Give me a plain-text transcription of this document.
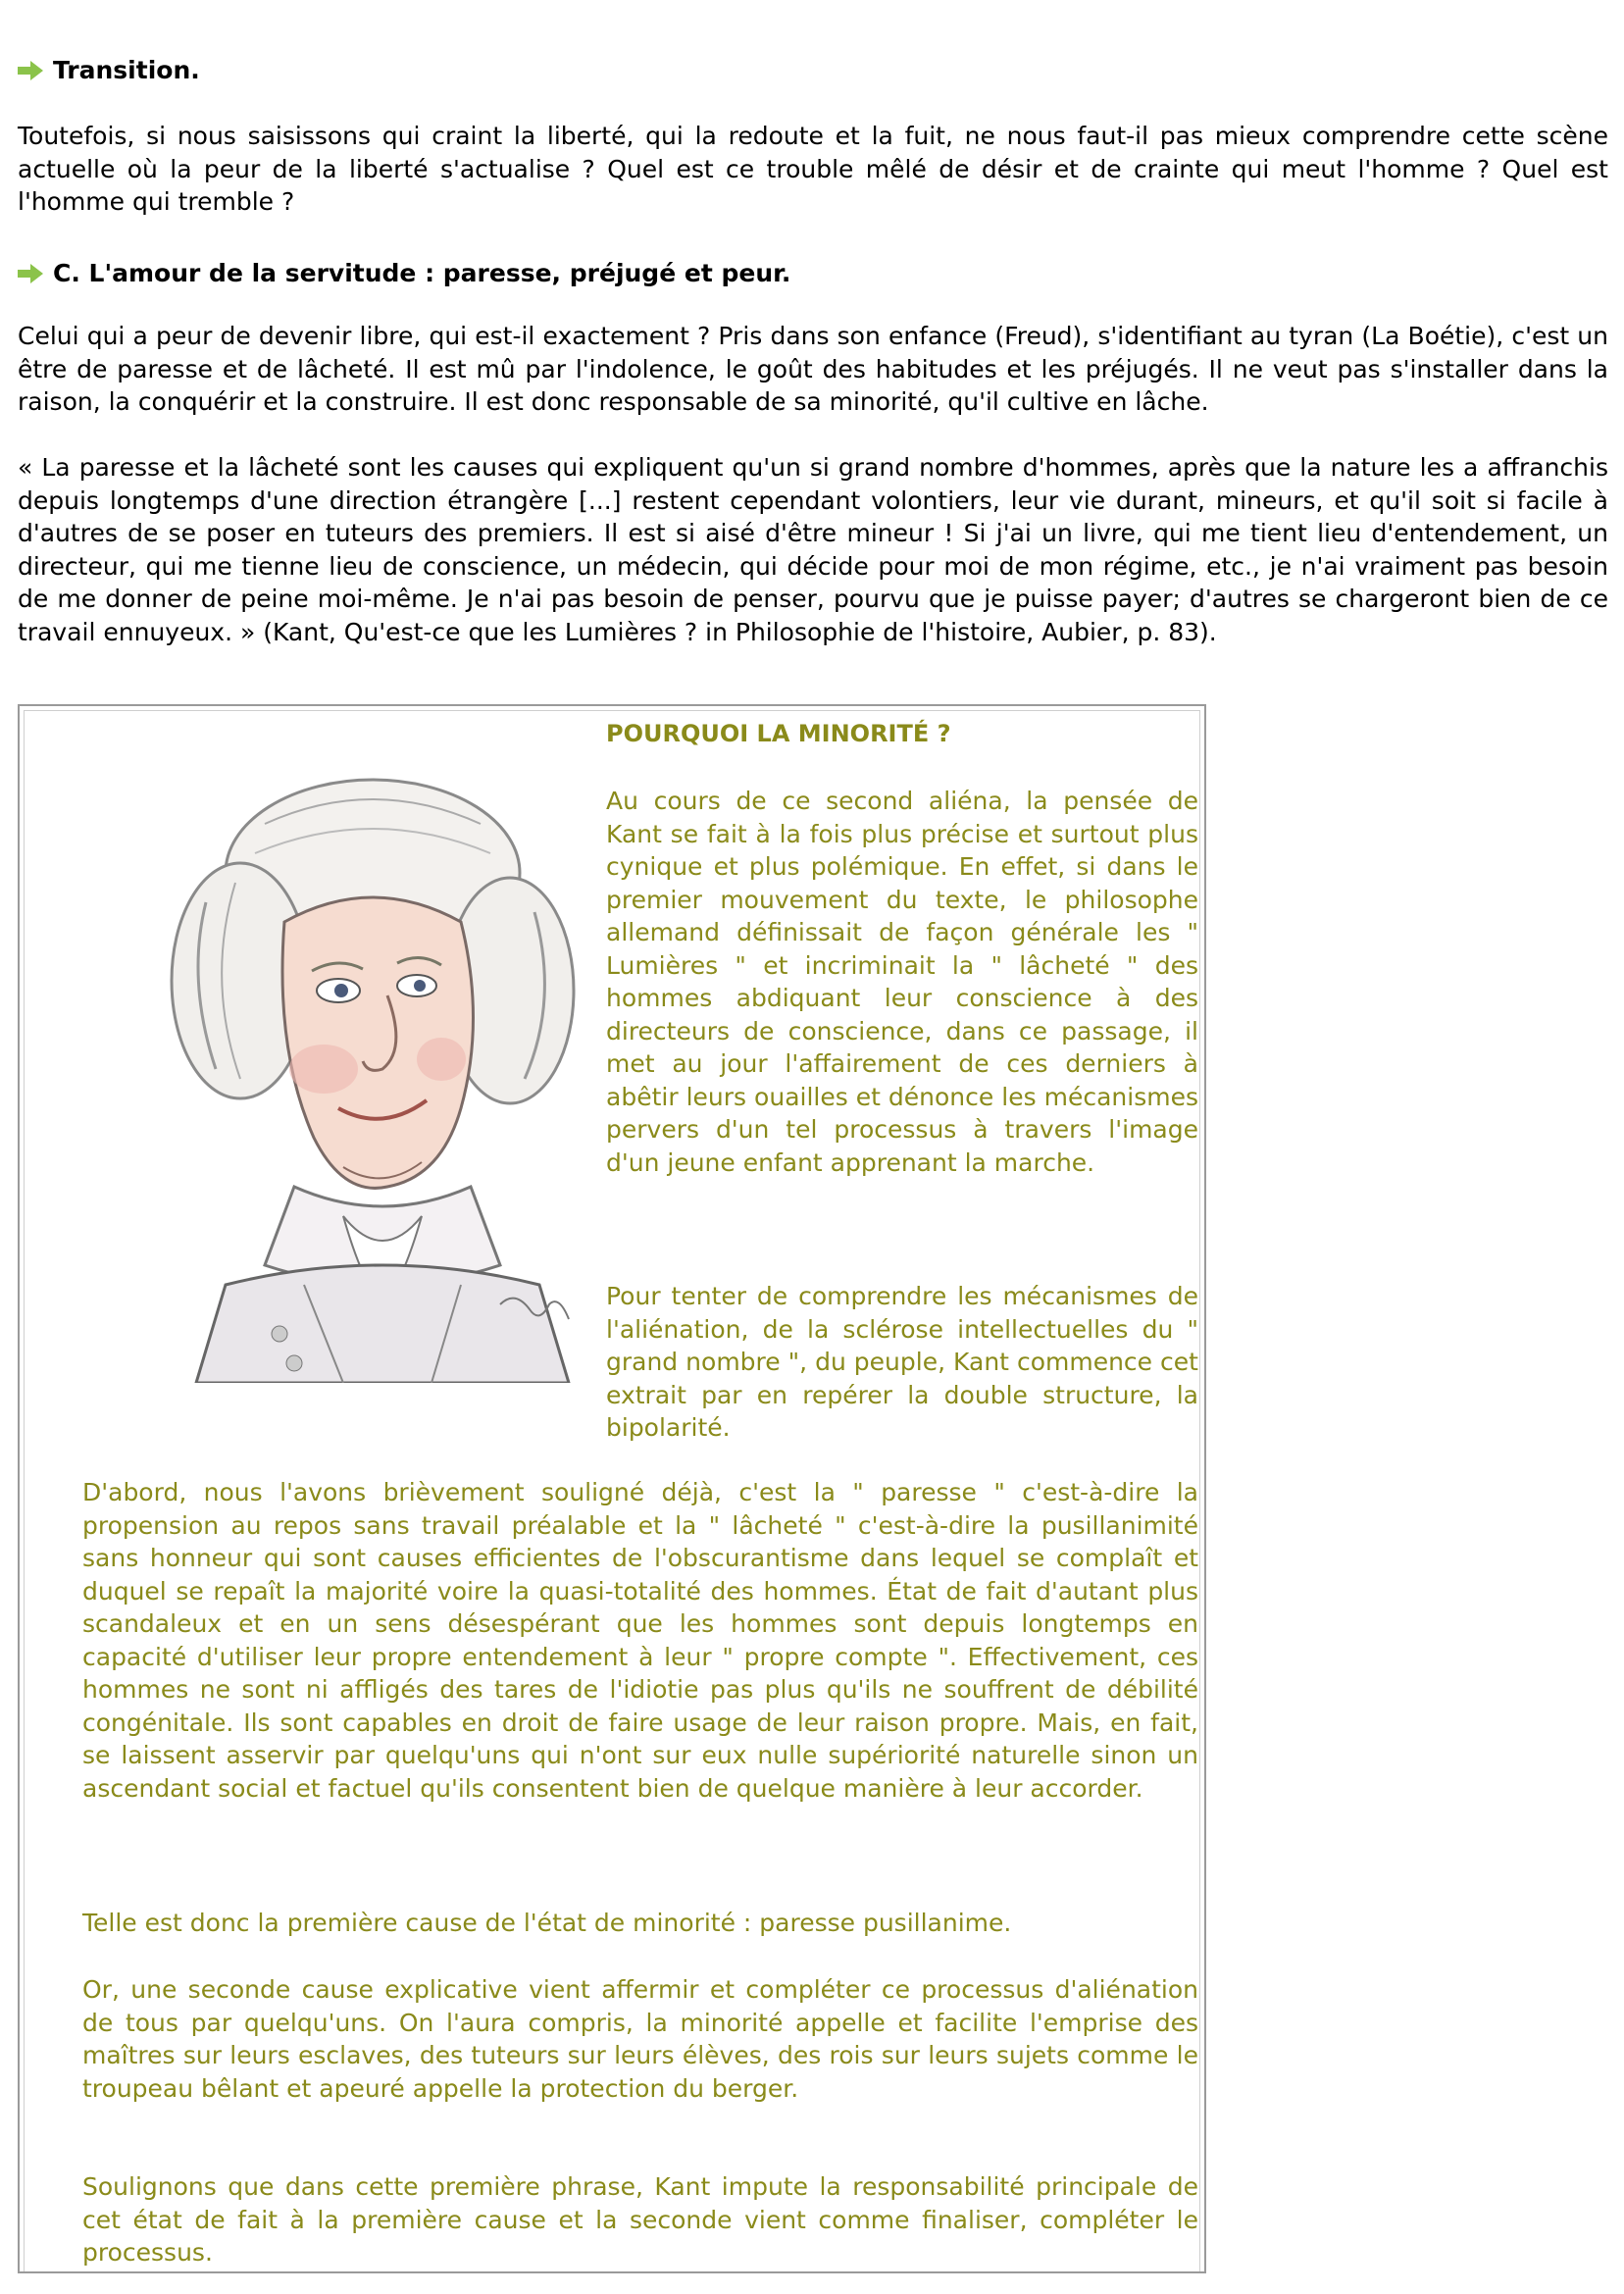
Transition.

Toutefois, si nous saisissons qui craint la liberté, qui la redoute et la fuit, ne nous faut-il pas mieux comprendre cette scène actuelle où la peur de la liberté s'actualise ? Quel est ce trouble mêlé de désir et de crainte qui meut l'homme ? Quel est l'homme qui tremble ?

C. L'amour de la servitude : paresse, préjugé et peur.

Celui qui a peur de devenir libre, qui est-il exactement ? Pris dans son enfance (Freud), s'identifiant au tyran (La Boétie), c'est un être de paresse et de lâcheté. Il est mû par l'indolence, le goût des habitudes et les préjugés. Il ne veut pas s'installer dans la raison, la conquérir et la construire. Il est donc responsable de sa minorité, qu'il cultive en lâche.

« La paresse et la lâcheté sont les causes qui expliquent qu'un si grand nombre d'hommes, après que la nature les a affranchis depuis longtemps d'une direction étrangère [...] restent cependant volontiers, leur vie durant, mineurs, et qu'il soit si facile à d'autres de se poser en tuteurs des premiers. Il est si aisé d'être mineur ! Si j'ai un livre, qui me tient lieu d'entendement, un directeur, qui me tienne lieu de conscience, un médecin, qui décide pour moi de mon régime, etc., je n'ai vraiment pas besoin de me donner de peine moi-même. Je n'ai pas besoin de penser, pourvu que je puisse payer; d'autres se chargeront bien de ce travail ennuyeux. » (Kant, Qu'est-ce que les Lumières ? in Philosophie de l'histoire, Aubier, p. 83).

POURQUOI LA MINORITÉ ?

Au cours de ce second aliéna, la pensée de Kant se fait à la fois plus précise et surtout plus cynique et plus polémique. En effet, si dans le premier mouvement du texte, le philosophe allemand définissait de façon générale les " Lumières " et incriminait la " lâcheté " des hommes abdiquant leur conscience à des directeurs de conscience, dans ce passage, il met au jour l'affairement de ces derniers à abêtir leurs ouailles et dénonce les mécanismes pervers d'un tel processus à travers l'image d'un jeune enfant apprenant la marche.

Pour tenter de comprendre les mécanismes de l'aliénation, de la sclérose intellectuelles du " grand nombre ", du peuple, Kant commence cet extrait par en repérer la double structure, la bipolarité.

D'abord, nous l'avons brièvement souligné déjà, c'est la " paresse " c'est-à-dire la propension au repos sans travail préalable et la " lâcheté " c'est-à-dire la pusillanimité sans honneur qui sont causes efficientes de l'obscurantisme dans lequel se complaît et duquel se repaît la majorité voire la quasi-totalité des hommes. État de fait d'autant plus scandaleux et en un sens désespérant que les hommes sont depuis longtemps en capacité d'utiliser leur propre entendement à leur " propre compte ". Effectivement, ces hommes ne sont ni affligés des tares de l'idiotie pas plus qu'ils ne souffrent de débilité congénitale. Ils sont capables en droit de faire usage de leur raison propre. Mais, en fait, se laissent asservir par quelqu'uns qui n'ont sur eux nulle supériorité naturelle sinon un ascendant social et factuel qu'ils consentent bien de quelque manière à leur accorder.

Telle est donc la première cause de l'état de minorité : paresse pusillanime.

Or, une seconde cause explicative vient affermir et compléter ce processus d'aliénation de tous par quelqu'uns. On l'aura compris, la minorité appelle et facilite l'emprise des maîtres sur leurs esclaves, des tuteurs sur leurs élèves, des rois sur leurs sujets comme le troupeau bêlant et apeuré appelle la protection du berger.

Soulignons que dans cette première phrase, Kant impute la responsabilité principale de cet état de fait à la première cause et la seconde vient comme finaliser, compléter le processus.
